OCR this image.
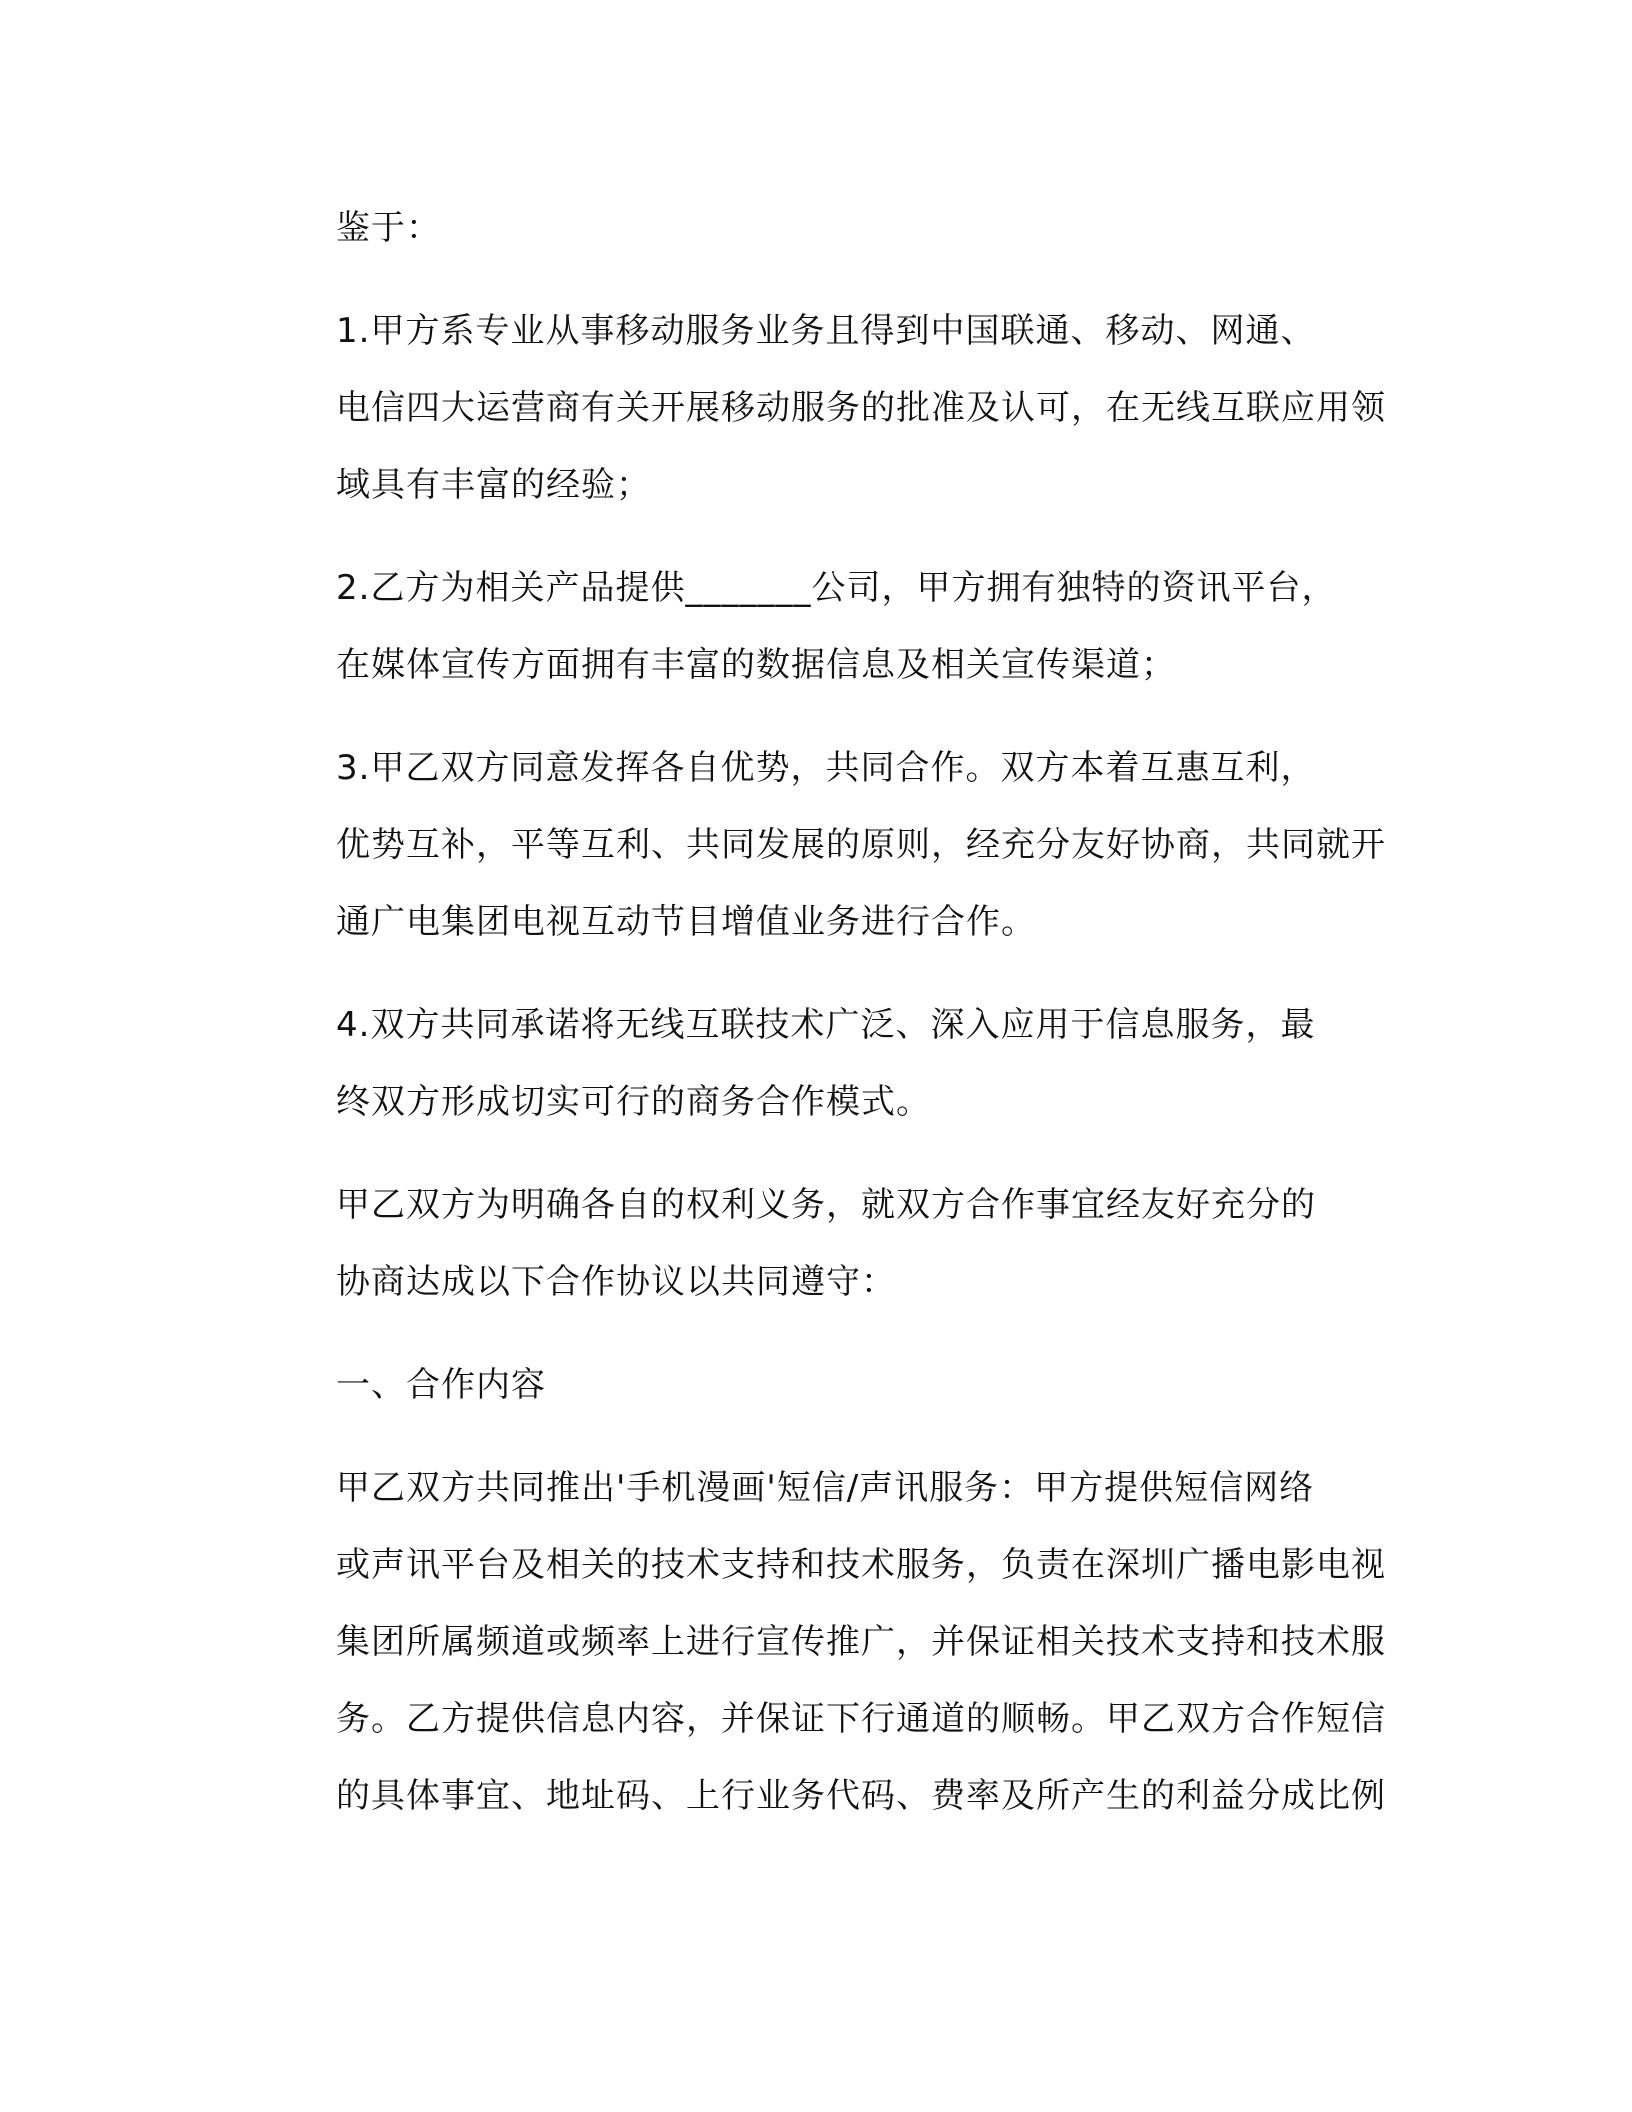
鉴于：

1.甲方系专业从事移动服务业务且得到中国联通、移动、网通、
电信四大运营商有关开展移动服务的批准及认可，在无线互联应用领
域具有丰富的经验；

2.乙方为相关产品提供_______公司，甲方拥有独特的资讯平台，
在媒体宣传方面拥有丰富的数据信息及相关宣传渠道；

3.甲乙双方同意发挥各自优势，共同合作。双方本着互惠互利，
优势互补，平等互利、共同发展的原则，经充分友好协商，共同就开
通广电集团电视互动节目增值业务进行合作。

4.双方共同承诺将无线互联技术广泛、深入应用于信息服务，最
终双方形成切实可行的商务合作模式。

甲乙双方为明确各自的权利义务，就双方合作事宜经友好充分的
协商达成以下合作协议以共同遵守：

一、合作内容

甲乙双方共同推出'手机漫画'短信/声讯服务：甲方提供短信网络
或声讯平台及相关的技术支持和技术服务，负责在深圳广播电影电视
集团所属频道或频率上进行宣传推广，并保证相关技术支持和技术服
务。乙方提供信息内容，并保证下行通道的顺畅。甲乙双方合作短信
的具体事宜、地址码、上行业务代码、费率及所产生的利益分成比例
